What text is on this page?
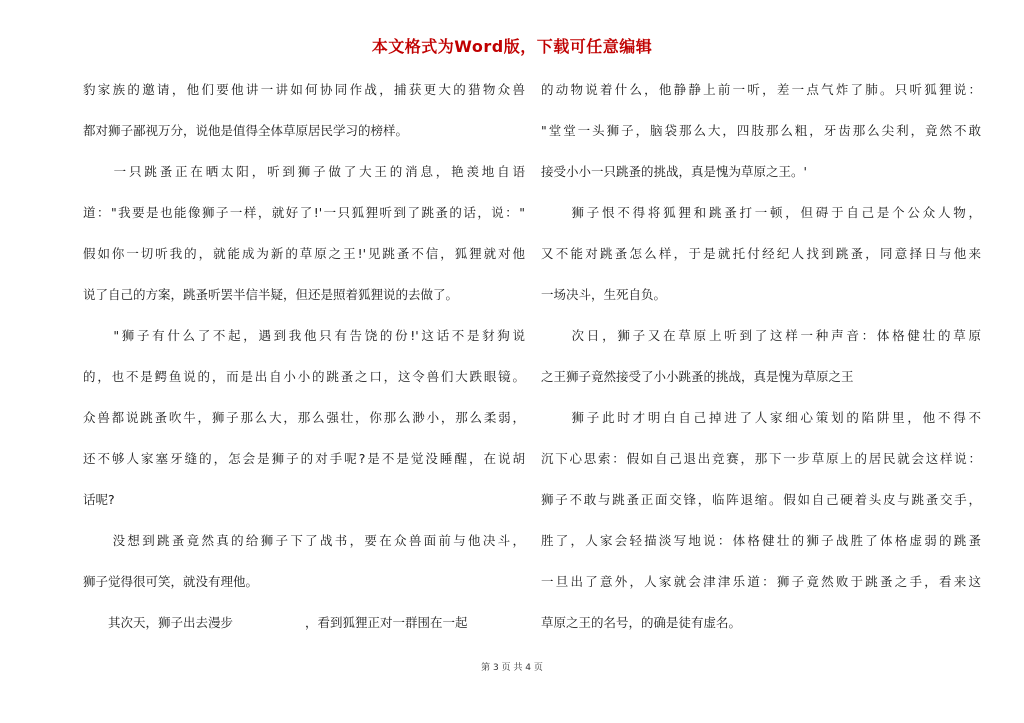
本文格式为Word版，下载可任意编辑
豹家族的邀请，他们要他讲一讲如何协同作战，捕获更大的猎物众兽
都对狮子鄙视万分，说他是值得全体草原居民学习的榜样。
　　一只跳蚤正在晒太阳，听到狮子做了大王的消息，艳羡地自语
道："我要是也能像狮子一样，就好了!'一只狐狸听到了跳蚤的话，说："
假如你一切听我的，就能成为新的草原之王!'见跳蚤不信，狐狸就对他
说了自己的方案，跳蚤听罢半信半疑，但还是照着狐狸说的去做了。
　　"狮子有什么了不起，遇到我他只有告饶的份!'这话不是豺狗说
的，也不是鳄鱼说的，而是出自小小的跳蚤之口，这令兽们大跌眼镜。
众兽都说跳蚤吹牛，狮子那么大，那么强壮，你那么渺小，那么柔弱，
还不够人家塞牙缝的，怎会是狮子的对手呢?是不是觉没睡醒，在说胡
话呢?
　　没想到跳蚤竟然真的给狮子下了战书，要在众兽面前与他决斗，
狮子觉得很可笑，就没有理他。
　　其次天，狮子出去漫步	，看到狐狸正对一群围在一起
的动物说着什么，他静静上前一听，差一点气炸了肺。只听狐狸说：
"堂堂一头狮子，脑袋那么大，四肢那么粗，牙齿那么尖利，竟然不敢
接受小小一只跳蚤的挑战，真是愧为草原之王。'
　　狮子恨不得将狐狸和跳蚤打一顿，但碍于自己是个公众人物，
又不能对跳蚤怎么样，于是就托付经纪人找到跳蚤，同意择日与他来
一场决斗，生死自负。
　　次日，狮子又在草原上听到了这样一种声音：体格健壮的草原
之王狮子竟然接受了小小跳蚤的挑战，真是愧为草原之王
　　狮子此时才明白自己掉进了人家细心策划的陷阱里，他不得不
沉下心思索：假如自己退出竞赛，那下一步草原上的居民就会这样说：
狮子不敢与跳蚤正面交锋，临阵退缩。假如自己硬着头皮与跳蚤交手，
胜了，人家会轻描淡写地说：体格健壮的狮子战胜了体格虚弱的跳蚤
一旦出了意外，人家就会津津乐道：狮子竟然败于跳蚤之手，看来这
草原之王的名号，的确是徒有虚名。
第 3 页 共 4 页
